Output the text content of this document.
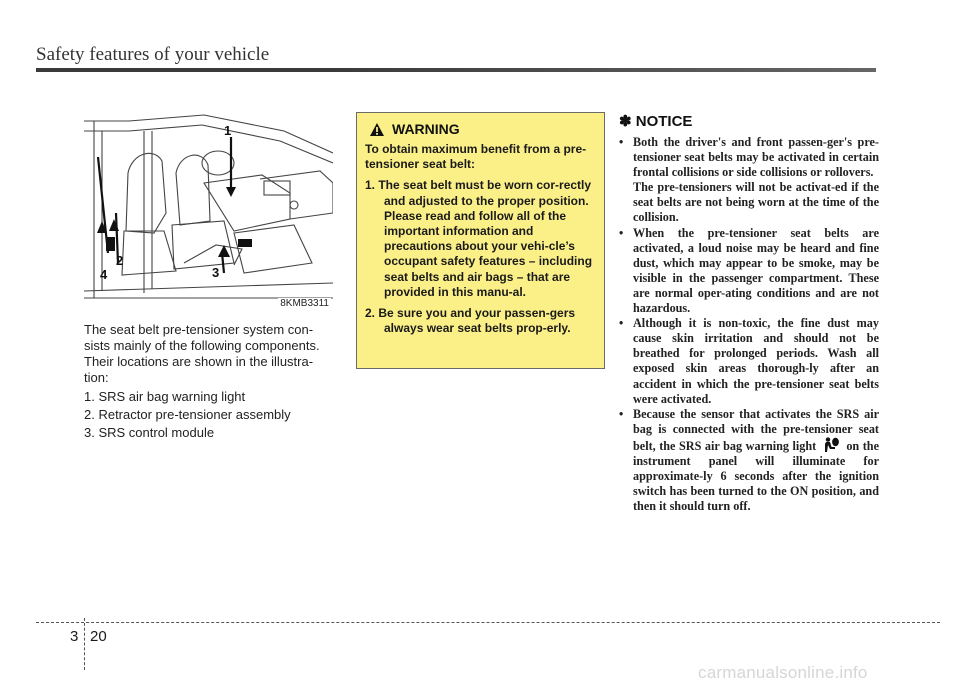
Safety features of your vehicle
1
2
3
4
8KMB3311

The seat belt pre-tensioner system con-sists mainly of the following components. Their locations are shown in the illustra-tion:

1. SRS air bag warning light
2. Retractor pre-tensioner assembly
3. SRS control module
WARNING

To obtain maximum benefit from a pre-tensioner seat belt:

1. The seat belt must be worn cor-rectly and adjusted to the proper position. Please read and follow all of the important information and precautions about your vehi-cle’s occupant safety features – including seat belts and air bags – that are provided in this manu-al.
2. Be sure you and your passen-gers always wear seat belts prop-erly.
✽ NOTICE
• Both the driver's and front passen-ger's pre-tensioner seat belts may be activated in certain frontal collisions or side collisions or rollovers.
The pre-tensioners will not be activat-ed if the seat belts are not being worn at the time of the collision.
• When the pre-tensioner seat belts are activated, a loud noise may be heard and fine dust, which may appear to be smoke, may be visible in the passenger compartment. These are normal oper-ating conditions and are not hazardous.
• Although it is non-toxic, the fine dust may cause skin irritation and should not be breathed for prolonged periods. Wash all exposed skin areas thorough-ly after an accident in which the pre-tensioner seat belts were activated.
• Because the sensor that activates the SRS air bag is connected with the pre-tensioner seat belt, the SRS air bag warning light on the instrument panel will illuminate for approximate-ly 6 seconds after the ignition switch has been turned to the ON position, and then it should turn off.
3 20
carmanualsonline.info
